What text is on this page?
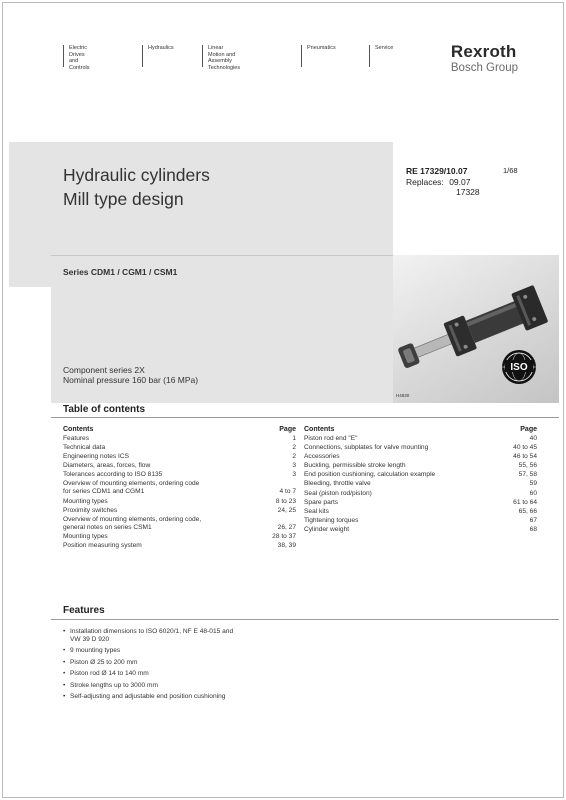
Electric Drives
and Controls
Hydraulics	Linear Motion and
Assembly Technologies
Pneumatics	Service	Rexroth
Bosch Group
Hydraulic cylinders
Mill type design
RE 17329/10.07	1/68
Replaces: 09.07
17328
Series CDM1 / CGM1 / CSM1
Component series 2X
Nominal pressure 160 bar (16 MPa)
ISO
H4830
Table of contents
Contents	Page
Features	1
Technical data	2
Engineering notes ICS	2
Diameters, areas, forces, flow	3
Tolerances according to ISO 8135	3
Overview of mounting elements, ordering code
for series CDM1 and CGM1	4 to 7
Mounting types	8 to 23
Proximity switches	24, 25
Overview of mounting elements, ordering code,
general notes on series CSM1	26, 27
Mounting types	28 to 37
Position measuring system	38, 39
Contents	Page
Piston rod end "E"	40
Connections, subplates for valve mounting	40 to 45
Accessories	46 to 54
Buckling, permissible stroke length	55, 56
End position cushioning, calculation example	57, 58
Bleeding, throttle valve	59
Seal (piston rod/piston)	60
Spare parts	61 to 64
Seal kits	65, 66
Tightening torques	67
Cylinder weight	68
Features
• Installation dimensions to ISO 6020/1, NF E 48-015 and
VW 39 D 920
• 9 mounting types
• Piston Ø 25 to 200 mm
• Piston rod Ø 14 to 140 mm
• Stroke lengths up to 3000 mm
• Self-adjusting and adjustable end position cushioning
